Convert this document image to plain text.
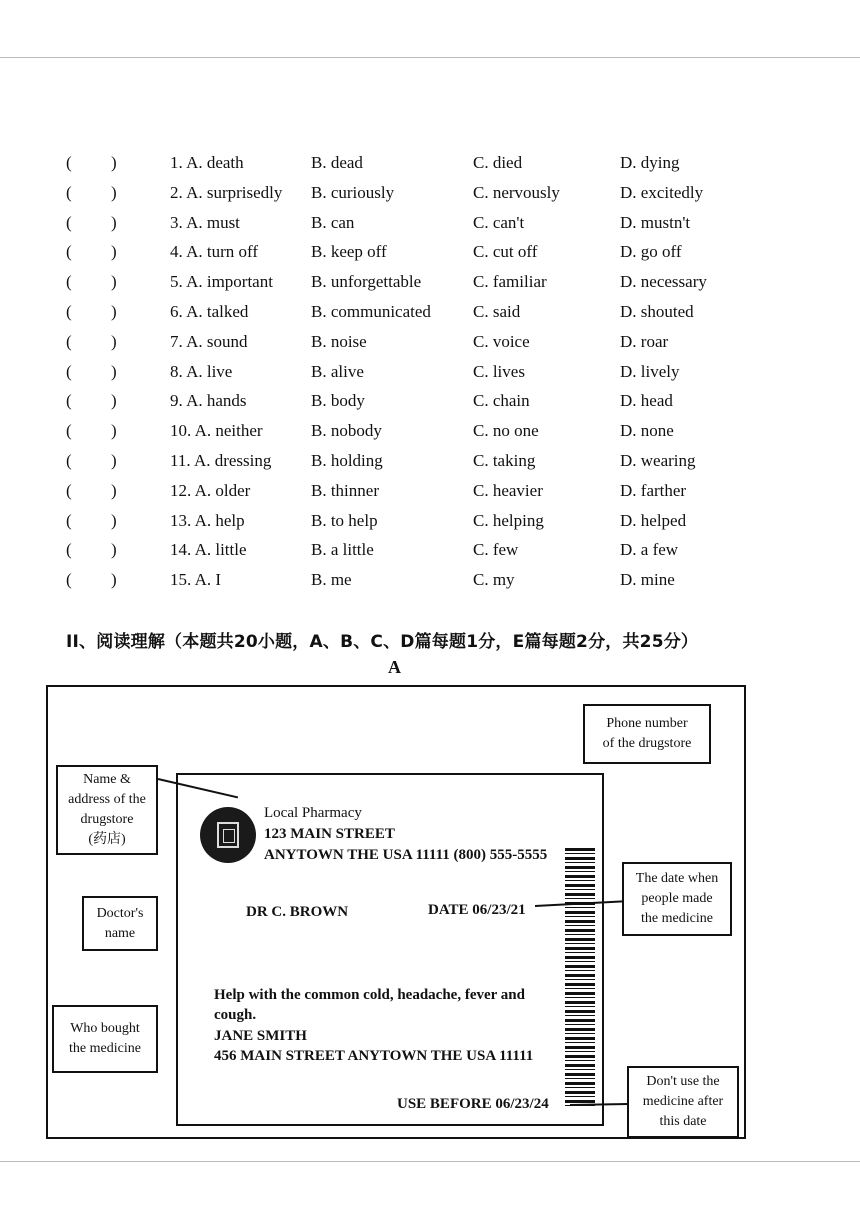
( )	1. A. death	B. dead	C. died	D. dying
( )	2. A. surprisedly B. curiously	C. nervously	D. excitedly
( )	3. A. must	B. can	C. can't	D. mustn't
( )	4. A. turn off	B. keep off	C. cut off	D. go off
( )	5. A. important B. unforgettable	C. familiar	D. necessary
( )	6. A. talked	B. communicated C. said	D. shouted
( )	7. A. sound	B. noise	C. voice	D. roar
( )	8. A. live	B. alive	C. lives	D. lively
( )	9. A. hands	B. body	C. chain	D. head
( )	10. A. neither	B. nobody	C. no one	D. none
( )	11. A. dressing B. holding	C. taking	D. wearing
( )	12. A. older	B. thinner	C. heavier	D. farther
( )	13. A. help	B. to help	C. helping	D. helped
( )	14. A. little	B. a little	C. few	D. a few
( )	15. A. I	B. me	C. my	D. mine
II、阅读理解（本题共20小题，A、B、C、D篇每题1分，E篇每题2分，共25分）
A
Local Pharmacy
123 MAIN STREET
ANYTOWN THE USA 11111 (800) 555-5555
DR C. BROWN	DATE 06/23/21
Help with the common cold, headache, fever and
cough.
JANE SMITH
456 MAIN STREET ANYTOWN THE USA 11111
USE BEFORE 06/23/24
Phone number
of the drugstore
Name &
address of the
drugstore
(药店)
Doctor's
name
Who bought
the medicine
The date when
people made
the medicine
Don't use the
medicine after
this date
